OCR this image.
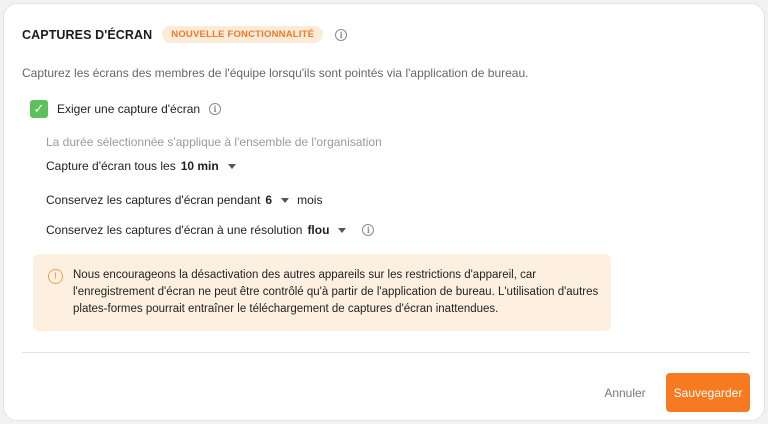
CAPTURES D'ÉCRAN	NOUVELLE FONCTIONNALITÉ	i
Capturez les écrans des membres de l'équipe lorsqu'ils sont pointés via l'application de bureau.
✓ Exiger une capture d'écran	i
La durée sélectionnée s'applique à l'ensemble de l'organisation
Capture d'écran tous les 10 min
Conservez les captures d'écran pendant 6 mois
Conservez les captures d'écran à une résolution flou	i
!	Nous encourageons la désactivation des autres appareils sur les restrictions d'appareil, car l'enregistrement d'écran ne peut être contrôlé qu'à partir de l'application de bureau. L'utilisation d'autres plates-formes pourrait entraîner le téléchargement de captures d'écran inattendues.
Annuler	Sauvegarder
